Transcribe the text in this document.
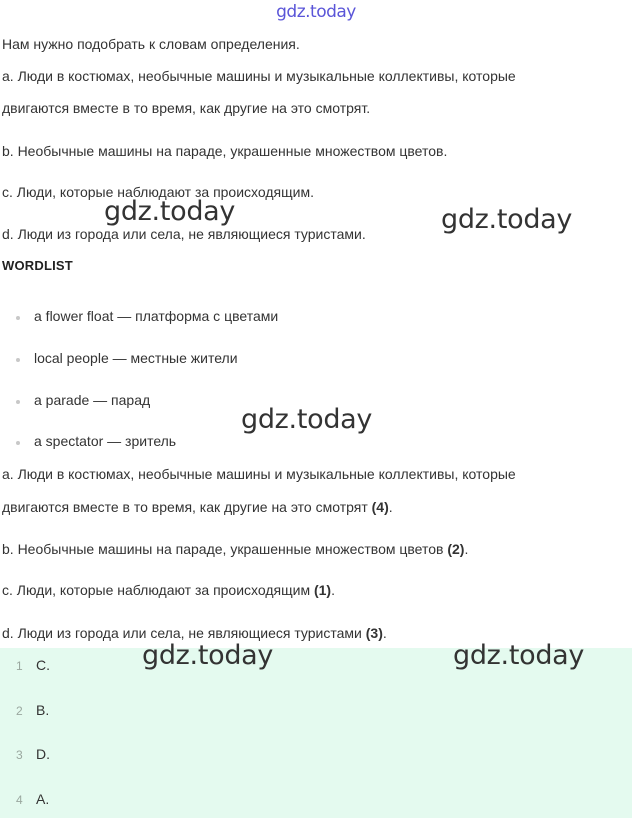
gdz.today
Нам нужно подобрать к словам определения.
a. Люди в костюмах, необычные машины и музыкальные коллективы, которые
двигаются вместе в то время, как другие на это смотрят.
b. Необычные машины на параде, украшенные множеством цветов.
c. Люди, которые наблюдают за происходящим.
d. Люди из города или села, не являющиеся туристами.
WORDLIST
a flower float — платформа с цветами
local people — местные жители
a parade — парад
a spectator — зритель
a. Люди в костюмах, необычные машины и музыкальные коллективы, которые
двигаются вместе в то время, как другие на это смотрят (4).
b. Необычные машины на параде, украшенные множеством цветов (2).
c. Люди, которые наблюдают за происходящим (1).
d. Люди из города или села, не являющиеся туристами (3).
1 C.
2 B.
3 D.
4 A.
gdz.today	gdz.today
gdz.today
gdz.today	gdz.today
